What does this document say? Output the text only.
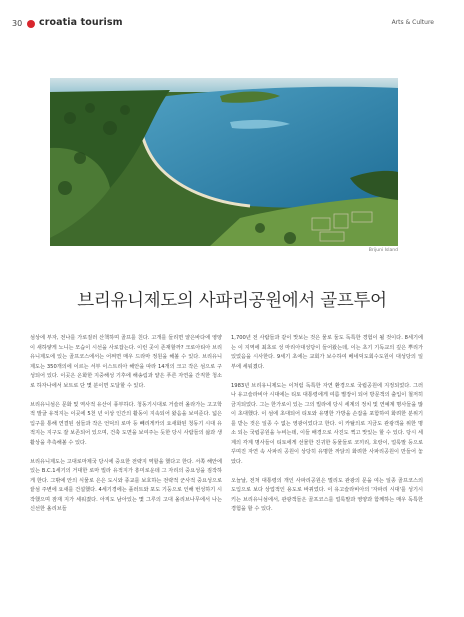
30 croatia tourism	Arts & Culture
Brijuni Island
브리유니제도의 사파리공원에서 골프투어

섬상에 부자, 전나를 가로질러 산책하며 골프를 친다. 고개를 들리면 얕은바다에 영양이 새하얗게 노니는 모습이 시선을 사로잡는다. 이런 곳이 존재할까? 크로아티아 브리유니제도에 있는 골프코스에서는 어쩌면 매우 드라마 정원을 해볼 수 있다. 브리유니제도는 350개의에 이르는 서부 이스트리아 해안을 따라 14개의 크고 작은 섬으로 구성되어 있다. 이곳은 온화한 지중해성 기후에 해송림과 얕은 푸른 자연을 간직한 청소로 하자나에서 보트로 단 몇 분이면 도달할 수 있다.

브리유니섬은 문화 및 역사적 유산이 풍부하다. 청동기시대로 거슬러 올라가는 고고학적 발굴 유적지는 이곳에 5천 년 이상 인간의 활동이 지속되어 왔음을 보여준다. 넓은 입구를 통해 연결된 섬들과 작은 언덕의 로마 등 빼리게카의 요새화된 청동기 시대 유적지는 지구도 잘 보존되어 있으며, 건축 도면을 보여주는 듯한 당시 사람들의 삶과 생활상을 추측해볼 수 있다.

브리유니제도는 고대로마제국 당시에 중요한 전략지 역할을 했다고 한다. 서쪽 해안에 있는 B.C.1세기의 거대한 로마 빌라 유적지가 흥미로운데 그 자리의 중요성을 짐작하게 한다. 그밖에 안의 식물로 은은 도시와 종교를 보호하는 전략적 군사적 중요성으로 끝섬 주변에 요새를 건설했다. 4세기경에는 플러트와 포도 기둥으로 인해 번성하기 시작했으며 잠재 지가 세워졌다. 아직도 남아있는 몇 그루의 고대 올리브나무에서 나는 신선한 올리브들

1,700년 전 사람들과 같이 맛보는 것은 물로 둘도 독특한 경험이 될 것이다. 8세기에는 이 지역에 최초로 성 마리아대성당이 들어왔는데, 이는 초기 기독교의 깊은 뿌리가 있었음을 시사한다. 9세기 초에는 교회가 보수하여 베네딕도회수도원이 대성당의 일부에 세워졌다.

1983년 브리유니제도는 이처럼 독특한 자연 환경으로 국립공원에 지정되었다. 그러나 유고슬라비아 시대에는 티토 대통령에게 여름 별장이 되어 방문객의 출입이 철저히 금지되었다. 그는 한가로이 있는 그의 빌라에 당시 세계의 정치 및 연예계 명사들을 많이 초대했다. 이 섬에 초대되어 티토와 유명한 가방을 손잡을 포함하여 화려한 분위기를 받는 것은 일종 수 없는 영광이었다고 한다. 이 카탈의로 지금도 관광객을 위한 명소 되는 국립공원을 누비는데, 이들 배경으로 사진도 찍고 맛있는 할 수 있다. 당시 세계의 각계 명사들이 티토에게 선물한 진귀한 동물들로 코끼리, 호랑이, 얼룩말 등으로 꾸며진 자연 속 사파리 공원이 상당히 유명한 까닭의 화려한 사파리공원이 만들어 놓았다.

오늘날, 전처 대통령의 개인 사파리공원은 멀리도 관광의 문을 여는 일종 골프코스의 도입으로 보다 상업적인 용도로 바뀌었다. 이 유고슬라비아의 '자파리 시대'를 성기시키는 브리유니섬에서, 관광객들은 골프코스를 얼룩말과 영양과 함께하는 매우 독특한 경험을 할 수 있다.
